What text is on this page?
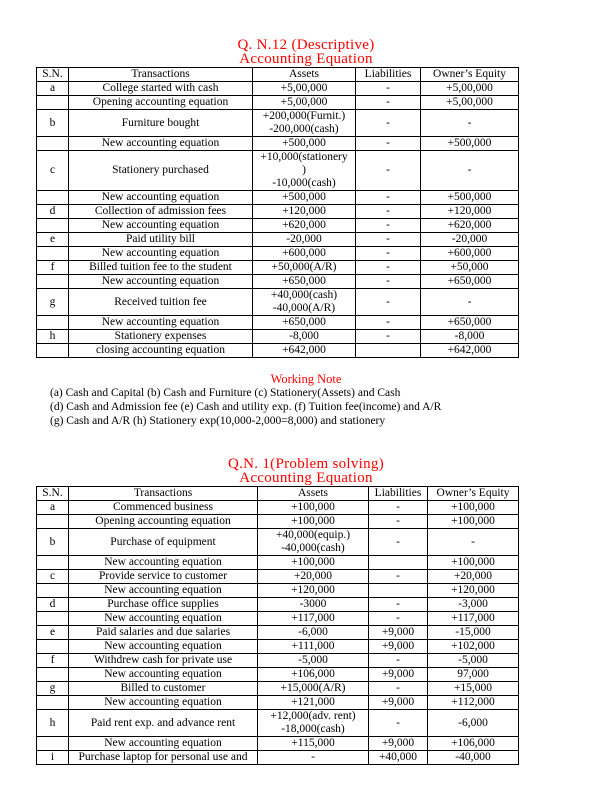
Q. N.12 (Descriptive)
Accounting Equation
S.N.	Transactions	Assets	Liabilities	Owner’s Equity

a	College started with cash	+5,00,000	-	+5,00,000

	Opening accounting equation	+5,00,000	-	+5,00,000

b	Furniture bought	+200,000(Furnit.)
-200,000(cash)	-	-

	New accounting equation	+500,000	-	+500,000

c	Stationery purchased	+10,000(stationery
)
-10,000(cash)	-	-

	New accounting equation	+500,000	-	+500,000

d	Collection of admission fees	+120,000	-	+120,000

	New accounting equation	+620,000	-	+620,000

e	Paid utility bill	-20,000	-	-20,000

	New accounting equation	+600,000	-	+600,000

f	Billed tuition fee to the student	+50,000(A/R)	-	+50,000

	New accounting equation	+650,000	-	+650,000

g	Received tuition fee	+40,000(cash)
-40,000(A/R)	-	-

	New accounting equation	+650,000	-	+650,000

h	Stationery expenses	-8,000	-	-8,000

	closing accounting equation	+642,000		+642,000
Working Note
(a) Cash and Capital (b) Cash and Furniture (c) Stationery(Assets) and Cash
(d) Cash and Admission fee (e) Cash and utility exp. (f) Tuition fee(income) and A/R
(g) Cash and A/R (h) Stationery exp(10,000-2,000=8,000) and stationery
Q.N. 1(Problem solving)
Accounting Equation
S.N.	Transactions	Assets	Liabilities	Owner’s Equity

a	Commenced business	+100,000	-	+100,000

	Opening accounting equation	+100,000	-	+100,000

b	Purchase of equipment	+40,000(equip.)
-40,000(cash)	-	-

	New accounting equation	+100,000		+100,000

c	Provide service to customer	+20,000	-	+20,000

	New accounting equation	+120,000		+120,000

d	Purchase office supplies	-3000	-	-3,000

	New accounting equation	+117,000	-	+117,000

e	Paid salaries and due salaries	-6,000	+9,000	-15,000

	New accounting equation	+111,000	+9,000	+102,000

f	Withdrew cash for private use	-5,000	-	-5,000

	New accounting equation	+106,000	+9,000	97,000

g	Billed to customer	+15,000(A/R)	-	+15,000

	New accounting equation	+121,000	+9,000	+112,000

h	Paid rent exp. and advance rent	+12,000(adv. rent)
-18,000(cash)	-	-6,000

	New accounting equation	+115,000	+9,000	+106,000

i	Purchase laptop for personal use and	-	+40,000	-40,000
